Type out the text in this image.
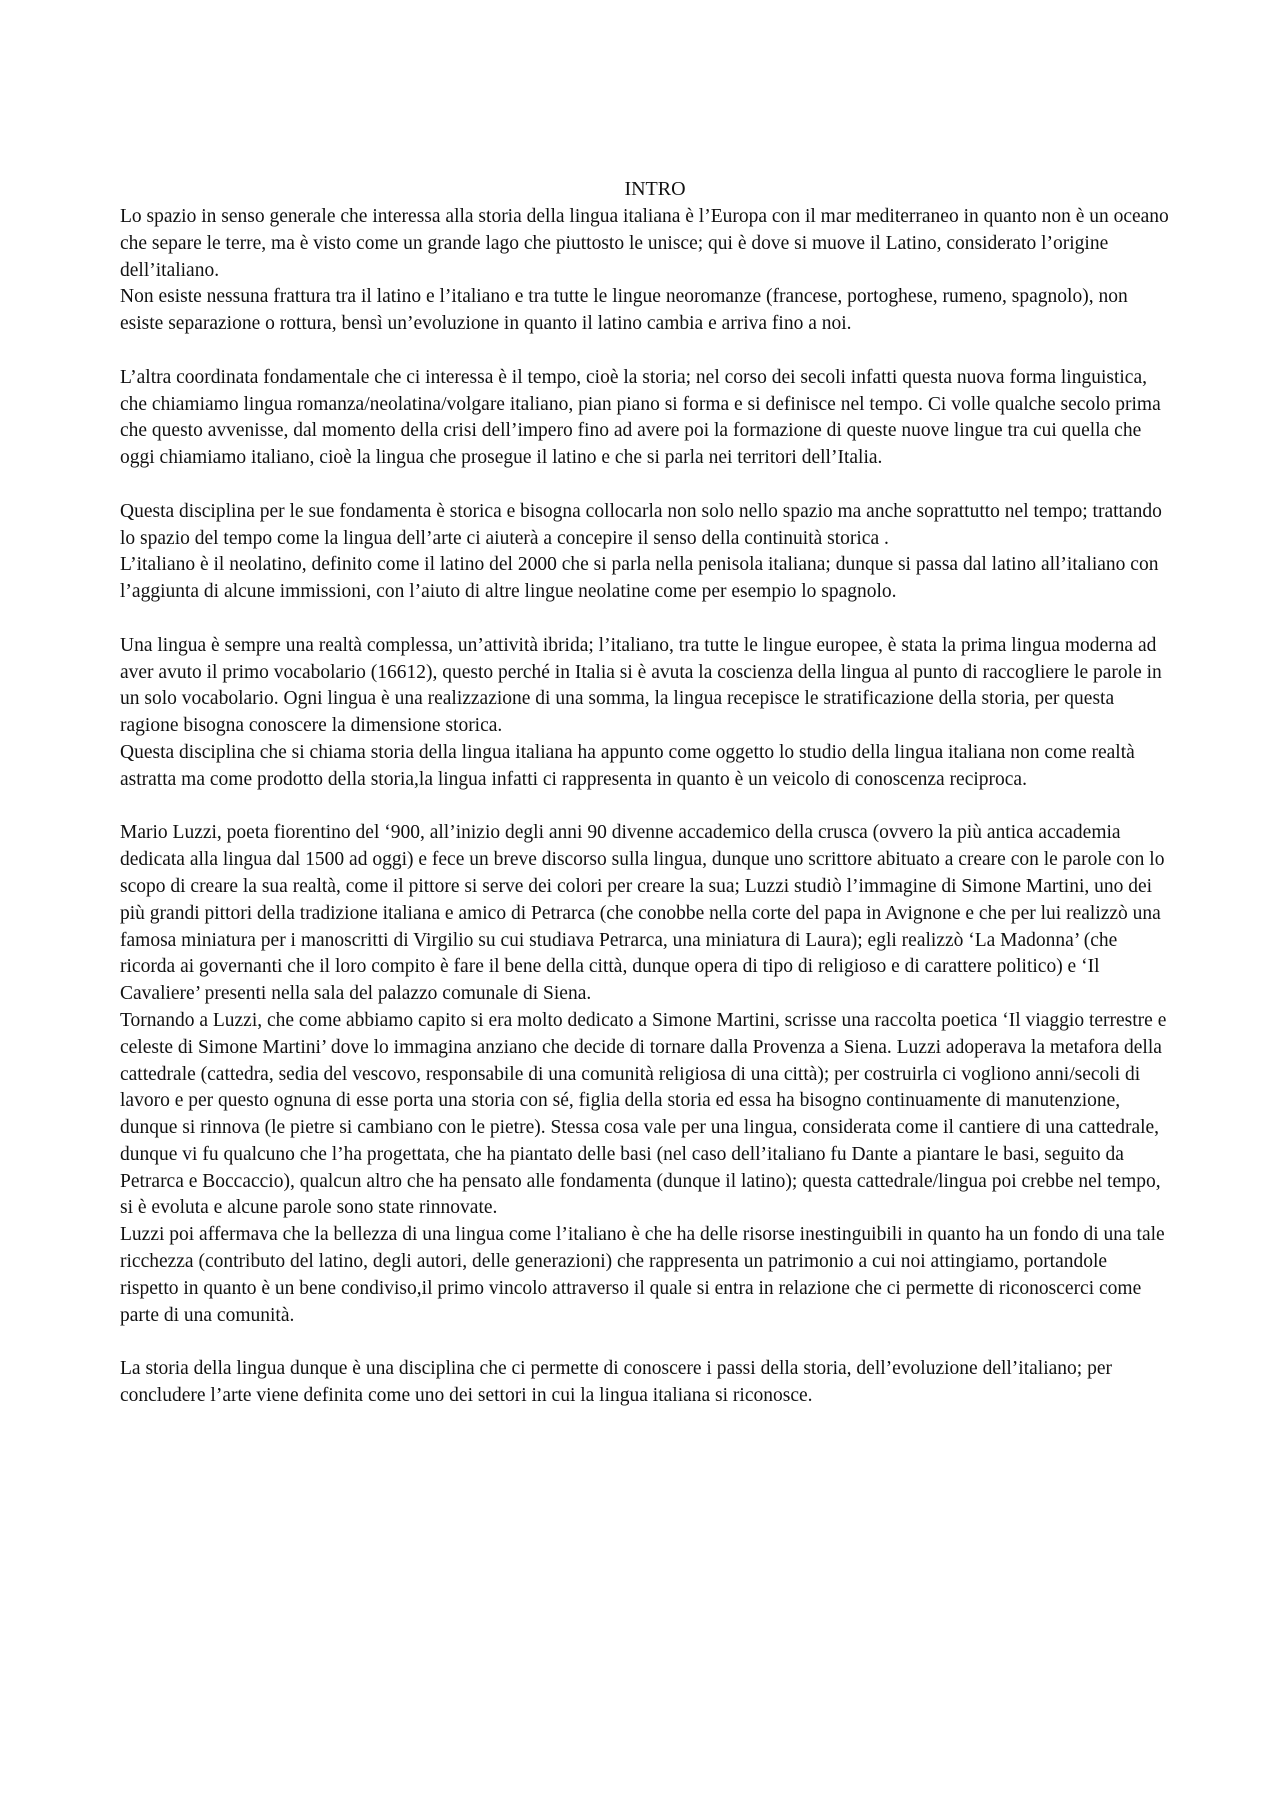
INTRO

Lo spazio in senso generale che interessa alla storia della lingua italiana è l’Europa con il mar mediterraneo in quanto non è un oceano che separe le terre, ma è visto come un grande lago che piuttosto le unisce; qui è dove si muove il Latino, considerato l’origine dell’italiano.

Non esiste nessuna frattura tra il latino e l’italiano e tra tutte le lingue neoromanze (francese, portoghese, rumeno, spagnolo), non esiste separazione o rottura, bensì un’evoluzione in quanto il latino cambia e arriva fino a noi.

L’altra coordinata fondamentale che ci interessa è il tempo, cioè la storia; nel corso dei secoli infatti questa nuova forma linguistica, che chiamiamo lingua romanza/neolatina/volgare italiano, pian piano si forma e si definisce nel tempo. Ci volle qualche secolo prima che questo avvenisse, dal momento della crisi dell’impero fino ad avere poi la formazione di queste nuove lingue tra cui quella che oggi chiamiamo italiano, cioè la lingua che prosegue il latino e che si parla nei territori dell’Italia.

Questa disciplina per le sue fondamenta è storica e bisogna collocarla non solo nello spazio ma anche soprattutto nel tempo; trattando lo spazio del tempo come la lingua dell’arte ci aiuterà a concepire il senso della continuità storica .

L’italiano è il neolatino, definito come il latino del 2000 che si parla nella penisola italiana; dunque si passa dal latino all’italiano con l’aggiunta di alcune immissioni, con l’aiuto di altre lingue neolatine come per esempio lo spagnolo.

Una lingua è sempre una realtà complessa, un’attività ibrida; l’italiano, tra tutte le lingue europee, è stata la prima lingua moderna ad aver avuto il primo vocabolario (16612), questo perché in Italia si è avuta la coscienza della lingua al punto di raccogliere le parole in un solo vocabolario. Ogni lingua è una realizzazione di una somma, la lingua recepisce le stratificazione della storia, per questa ragione bisogna conoscere la dimensione storica.

Questa disciplina che si chiama storia della lingua italiana ha appunto come oggetto lo studio della lingua italiana non come realtà astratta ma come prodotto della storia,la lingua infatti ci rappresenta in quanto è un veicolo di conoscenza reciproca.

Mario Luzzi, poeta fiorentino del ‘900, all’inizio degli anni 90 divenne accademico della crusca (ovvero la più antica accademia dedicata alla lingua dal 1500 ad oggi) e fece un breve discorso sulla lingua, dunque uno scrittore abituato a creare con le parole con lo scopo di creare la sua realtà, come il pittore si serve dei colori per creare la sua; Luzzi studiò l’immagine di Simone Martini, uno dei più grandi pittori della tradizione italiana e amico di Petrarca (che conobbe nella corte del papa in Avignone e che per lui realizzò una famosa miniatura per i manoscritti di Virgilio su cui studiava Petrarca, una miniatura di Laura); egli realizzò ‘La Madonna’ (che ricorda ai governanti che il loro compito è fare il bene della città, dunque opera di tipo di religioso e di carattere politico) e ‘Il Cavaliere’ presenti nella sala del palazzo comunale di Siena.

Tornando a Luzzi, che come abbiamo capito si era molto dedicato a Simone Martini, scrisse una raccolta poetica ‘Il viaggio terrestre e celeste di Simone Martini’ dove lo immagina anziano che decide di tornare dalla Provenza a Siena. Luzzi adoperava la metafora della cattedrale (cattedra, sedia del vescovo, responsabile di una comunità religiosa di una città); per costruirla ci vogliono anni/secoli di lavoro e per questo ognuna di esse porta una storia con sé, figlia della storia ed essa ha bisogno continuamente di manutenzione, dunque si rinnova (le pietre si cambiano con le pietre). Stessa cosa vale per una lingua, considerata come il cantiere di una cattedrale, dunque vi fu qualcuno che l’ha progettata, che ha piantato delle basi (nel caso dell’italiano fu Dante a piantare le basi, seguito da Petrarca e Boccaccio), qualcun altro che ha pensato alle fondamenta (dunque il latino); questa cattedrale/lingua poi crebbe nel tempo, si è evoluta e alcune parole sono state rinnovate.

Luzzi poi affermava che la bellezza di una lingua come l’italiano è che ha delle risorse inestinguibili in quanto ha un fondo di una tale ricchezza (contributo del latino, degli autori, delle generazioni) che rappresenta un patrimonio a cui noi attingiamo, portandole rispetto in quanto è un bene condiviso,il primo vincolo attraverso il quale si entra in relazione che ci permette di riconoscerci come parte di una comunità.

La storia della lingua dunque è una disciplina che ci permette di conoscere i passi della storia, dell’evoluzione dell’italiano; per concludere l’arte viene definita come uno dei settori in cui la lingua italiana si riconosce.
